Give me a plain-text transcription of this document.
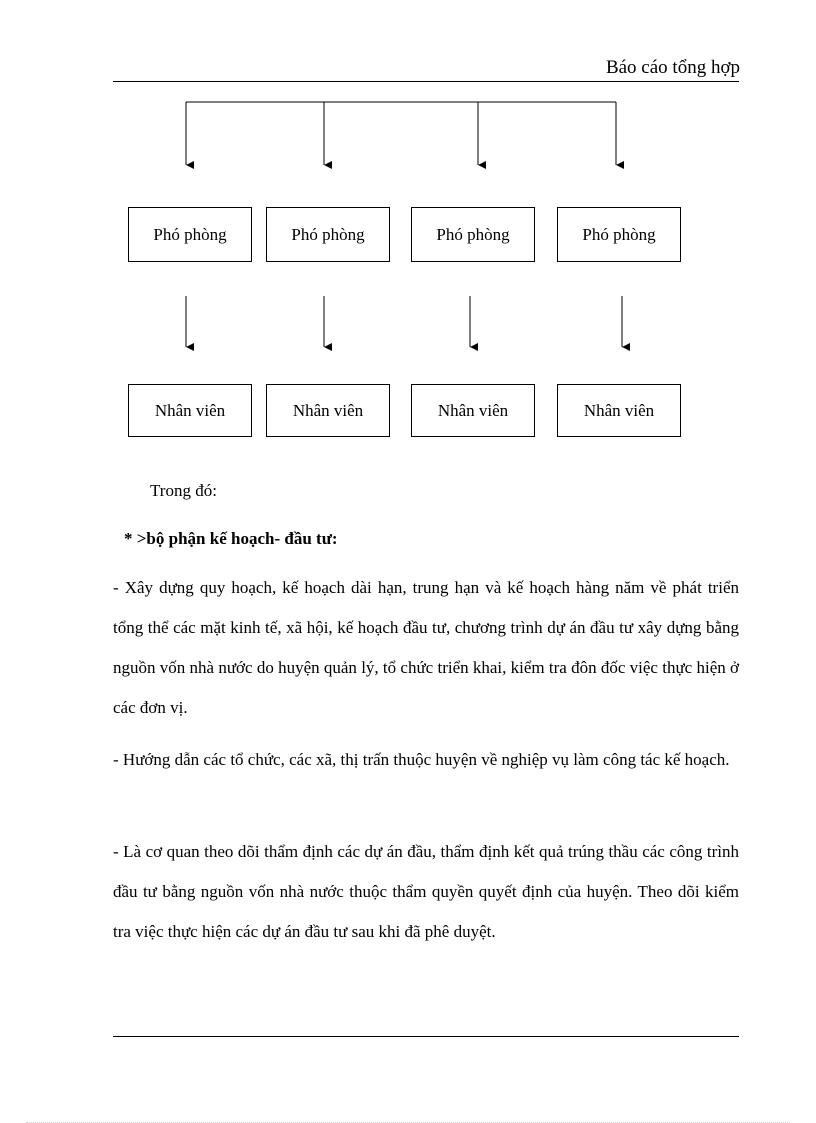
Báo cáo tổng hợp
Phó phòng	Phó phòng	Phó phòng	Phó phòng
Nhân viên	Nhân viên	Nhân viên	Nhân viên
Trong đó:
* >bộ phận kế hoạch- đầu tư:

- Xây dựng quy hoạch, kế hoạch dài hạn, trung hạn và kế hoạch hàng năm về phát triển tổng thể các mặt kinh tế, xã hội, kế hoạch đầu tư, chương trình dự án đầu tư xây dựng bằng nguồn vốn nhà nước do huyện quản lý, tổ chức triển khai, kiểm tra đôn đốc việc thực hiện ở các đơn vị.

- Hướng dẫn các tổ chức, các xã, thị trấn thuộc huyện về nghiệp vụ làm công tác kế hoạch.

- Là cơ quan theo dõi thẩm định các dự án đầu, thẩm định kết quả trúng thầu các công trình đầu tư bằng nguồn vốn nhà nước thuộc thẩm quyền quyết định của huyện. Theo dõi kiểm tra việc thực hiện các dự án đầu tư sau khi đã phê duyệt.
